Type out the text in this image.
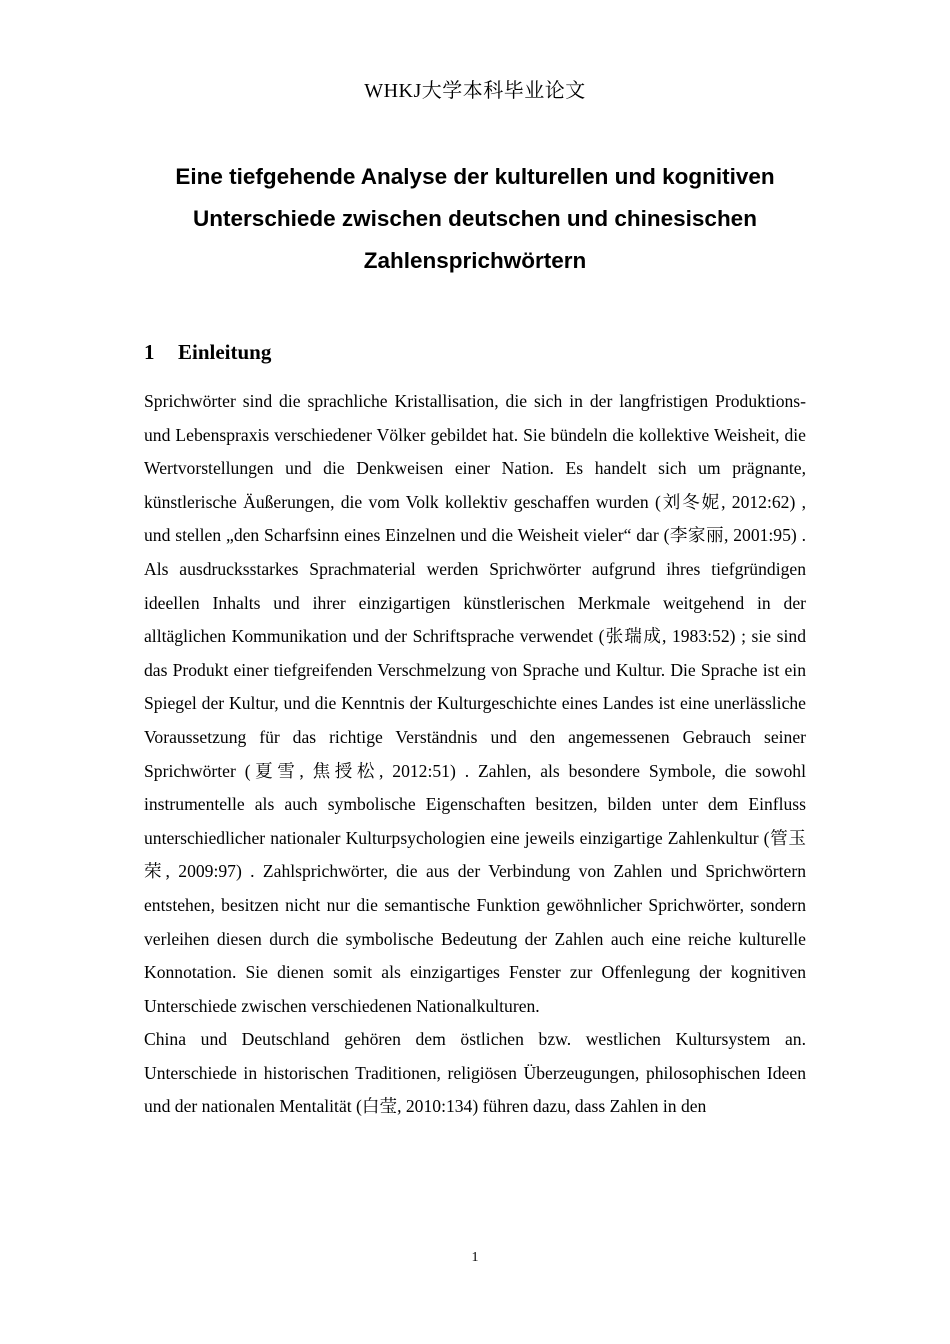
WHKJ大学本科毕业论文
Eine tiefgehende Analyse der kulturellen und kognitiven
Unterschiede zwischen deutschen und chinesischen
Zahlensprichwörtern
1 Einleitung

Sprichwörter sind die sprachliche Kristallisation, die sich in der langfristigen Produktions- und Lebenspraxis verschiedener Völker gebildet hat. Sie bündeln die kollektive Weisheit, die Wertvorstellungen und die Denkweisen einer Nation. Es handelt sich um prägnante, künstlerische Äußerungen, die vom Volk kollektiv geschaffen wurden (刘冬妮, 2012:62) , und stellen „den Scharfsinn eines Einzelnen und die Weisheit vieler“ dar (李家丽, 2001:95) . Als ausdrucksstarkes Sprachmaterial werden Sprichwörter aufgrund ihres tiefgründigen ideellen Inhalts und ihrer einzigartigen künstlerischen Merkmale weitgehend in der alltäglichen Kommunikation und der Schriftsprache verwendet (张瑞成, 1983:52) ; sie sind das Produkt einer tiefgreifenden Verschmelzung von Sprache und Kultur. Die Sprache ist ein Spiegel der Kultur, und die Kenntnis der Kulturgeschichte eines Landes ist eine unerlässliche Voraussetzung für das richtige Verständnis und den angemessenen Gebrauch seiner Sprichwörter (夏雪, 焦授松, 2012:51) . Zahlen, als besondere Symbole, die sowohl instrumentelle als auch symbolische Eigenschaften besitzen, bilden unter dem Einfluss unterschiedlicher nationaler Kulturpsychologien eine jeweils einzigartige Zahlenkultur (管玉荣, 2009:97) . Zahlsprichwörter, die aus der Verbindung von Zahlen und Sprichwörtern entstehen, besitzen nicht nur die semantische Funktion gewöhnlicher Sprichwörter, sondern verleihen diesen durch die symbolische Bedeutung der Zahlen auch eine reiche kulturelle Konnotation. Sie dienen somit als einzigartiges Fenster zur Offenlegung der kognitiven Unterschiede zwischen verschiedenen Nationalkulturen.

China und Deutschland gehören dem östlichen bzw. westlichen Kultursystem an. Unterschiede in historischen Traditionen, religiösen Überzeugungen, philosophischen Ideen und der nationalen Mentalität (白莹, 2010:134) führen dazu, dass Zahlen in den

1
